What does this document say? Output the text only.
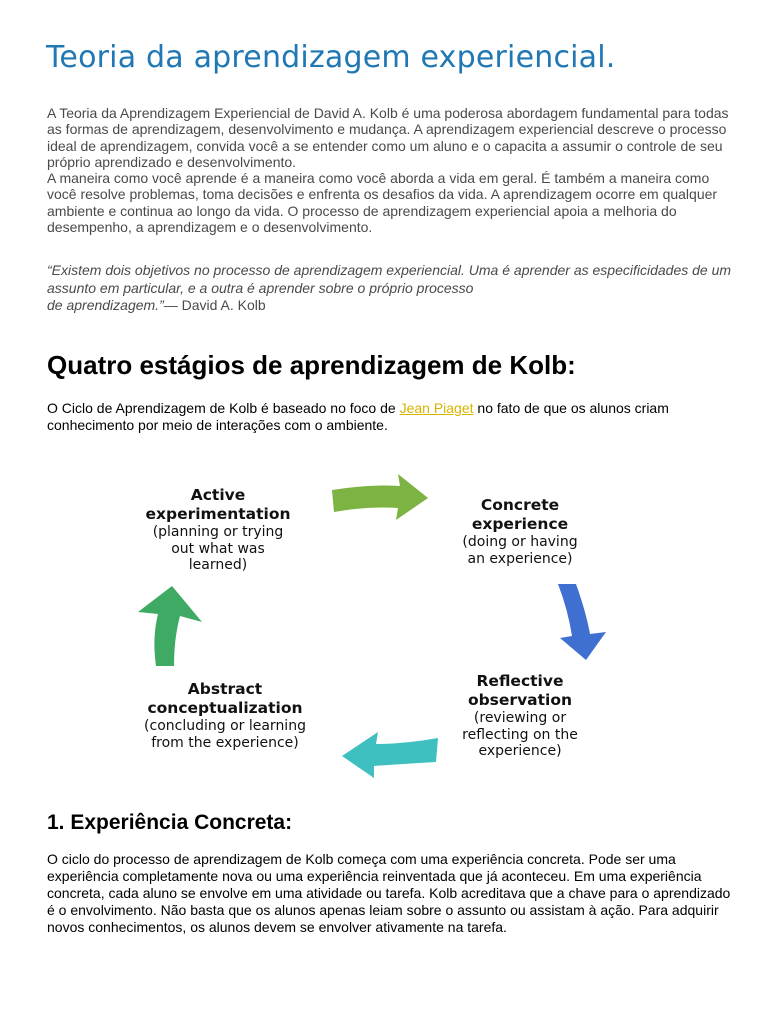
Teoria da aprendizagem experiencial.

A Teoria da Aprendizagem Experiencial de David A. Kolb é uma poderosa abordagem fundamental para todas as formas de aprendizagem, desenvolvimento e mudança. A aprendizagem experiencial descreve o processo ideal de aprendizagem, convida você a se entender como um aluno e o capacita a assumir o controle de seu próprio aprendizado e desenvolvimento.

A maneira como você aprende é a maneira como você aborda a vida em geral. É também a maneira como você resolve problemas, toma decisões e enfrenta os desafios da vida. A aprendizagem ocorre em qualquer ambiente e continua ao longo da vida. O processo de aprendizagem experiencial apoia a melhoria do desempenho, a aprendizagem e o desenvolvimento.

“Existem dois objetivos no processo de aprendizagem experiencial. Uma é aprender as especificidades de um assunto em particular, e a outra é aprender sobre o próprio processo
de aprendizagem.”— David A. Kolb
Quatro estágios de aprendizagem de Kolb:

O Ciclo de Aprendizagem de Kolb é baseado no foco de Jean Piaget no fato de que os alunos criam conhecimento por meio de interações com o ambiente.

Active
experimentation
(planning or trying
out what was
learned)
Concrete
experience
(doing or having
an experience)
Reflective
observation
(reviewing or
reflecting on the
experience)
Abstract
conceptualization
(concluding or learning
from the experience)
1. Experiência Concreta:

O ciclo do processo de aprendizagem de Kolb começa com uma experiência concreta. Pode ser uma experiência completamente nova ou uma experiência reinventada que já aconteceu. Em uma experiência concreta, cada aluno se envolve em uma atividade ou tarefa. Kolb acreditava que a chave para o aprendizado é o envolvimento. Não basta que os alunos apenas leiam sobre o assunto ou assistam à ação. Para adquirir novos conhecimentos, os alunos devem se envolver ativamente na tarefa.
